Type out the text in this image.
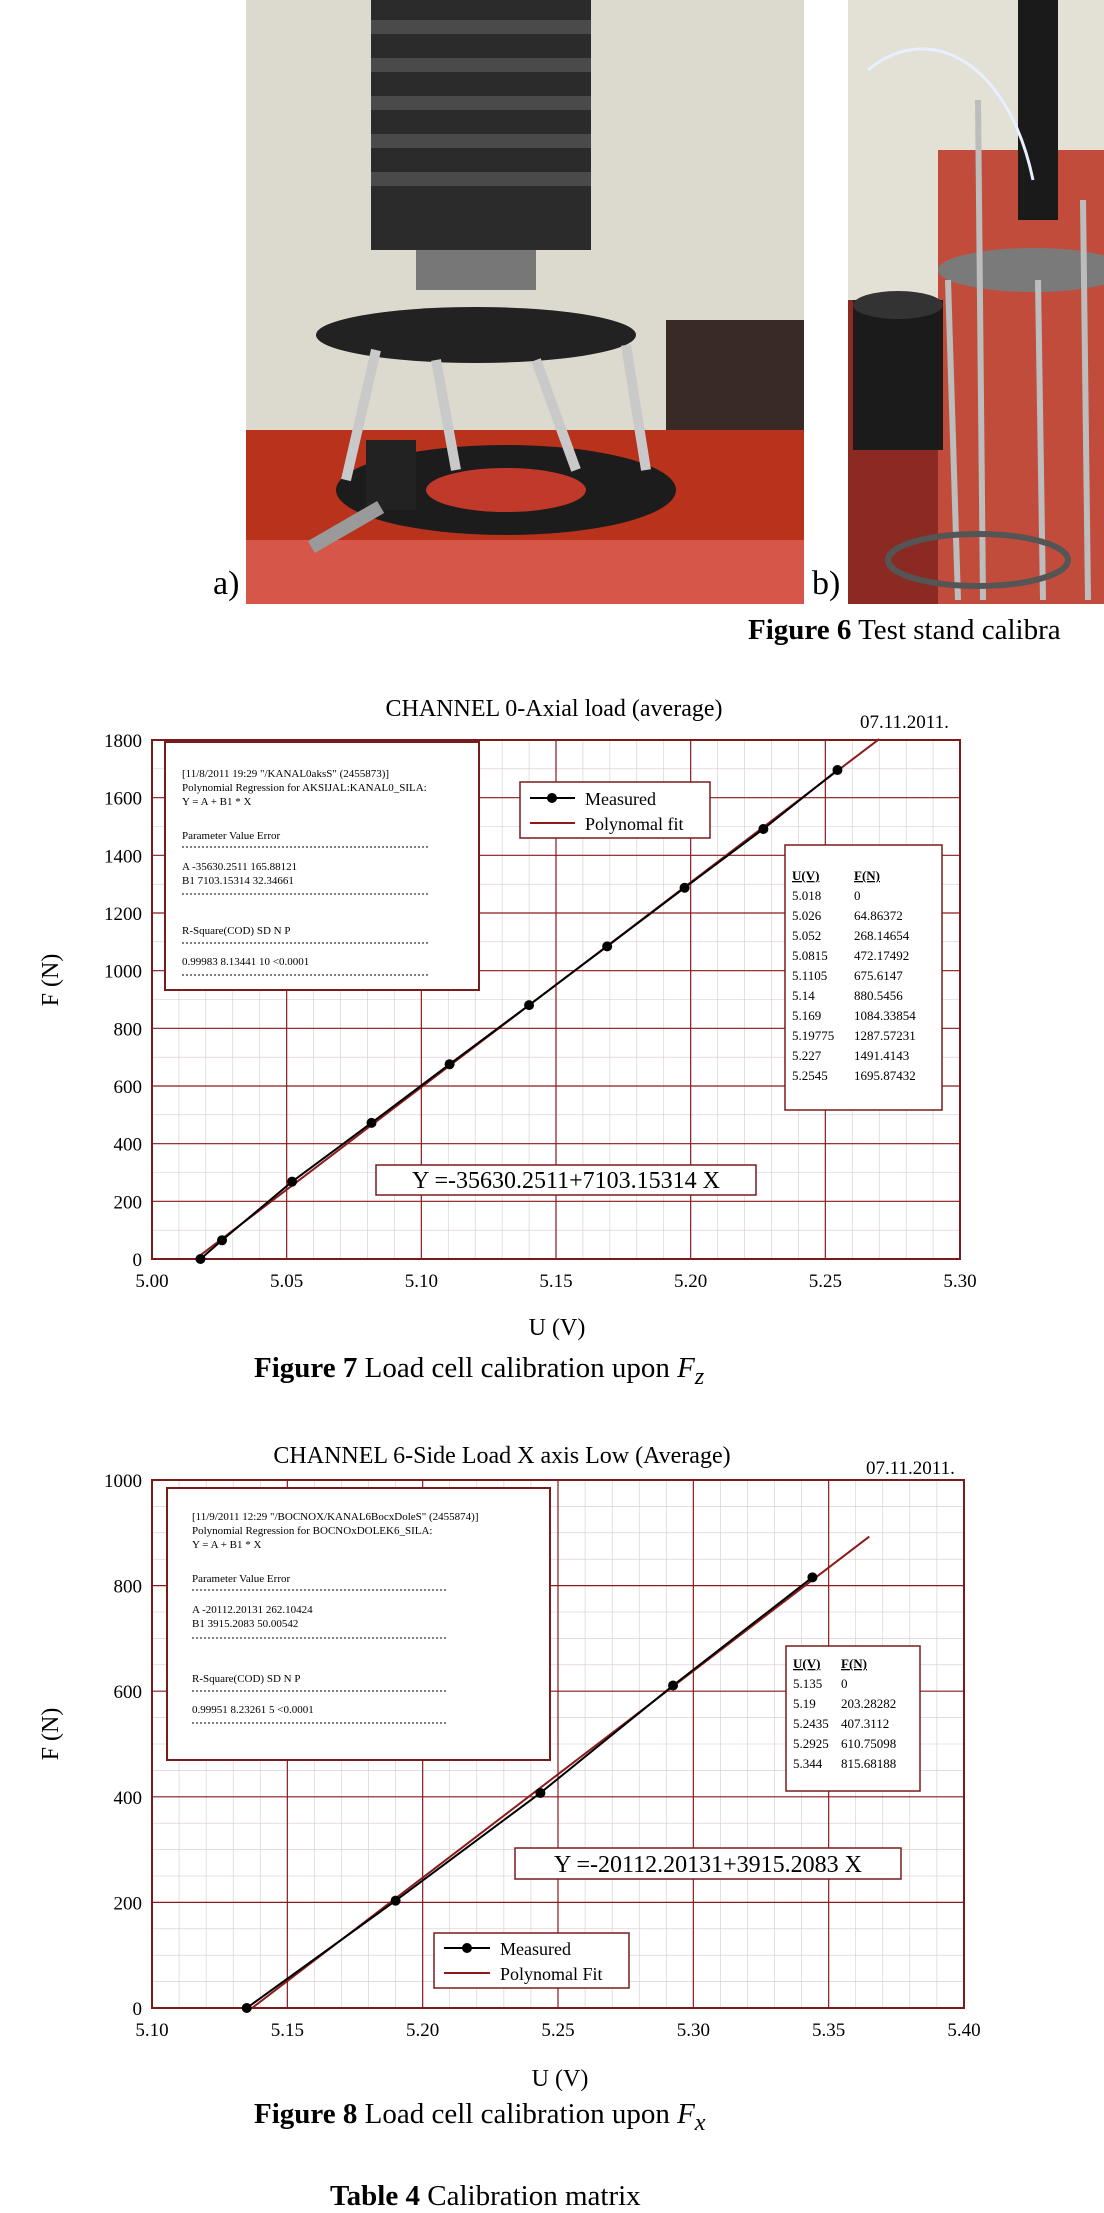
a)	b)
Figure 6 Test stand calibra
5.00	5.05	5.10	5.15	5.20	5.25	5.30
0
200
400
600
800
1000
1200
1400
1600
1800
CHANNEL 0-Axial load (average)
07.11.2011.
U (V)
F (N)
[11/8/2011 19:29 "/KANAL0aksS" (2455873)]
Polynomial Regression for AKSIJAL:KANAL0_SILA:
Y = A + B1 * X
Parameter Value Error
A -35630.2511 165.88121
B1 7103.15314 32.34661
R-Square(COD) SD N P
0.99983 8.13441 10 <0.0001
Measured
Polynomal fit
U(V)	F(N)
5.018	0
5.026	64.86372
5.052	268.14654
5.0815 472.17492
5.1105 675.6147
5.14	880.5456
5.169	1084.33854
5.19775 1287.57231
5.227	1491.4143
5.2545 1695.87432
Y =-35630.2511+7103.15314 X
Figure 7 Load cell calibration upon $F_z$
5.10	5.15	5.20	5.25	5.30	5.35	5.40
0
200
400
600
800
1000
CHANNEL 6-Side Load X axis Low (Average)	07.11.2011.
U (V)
F (N)
[11/9/2011 12:29 "/BOCNOX/KANAL6BocxDoleS" (2455874)]
Polynomial Regression for BOCNOxDOLEK6_SILA:
Y = A + B1 * X
Parameter Value Error
A -20112.20131 262.10424
B1 3915.2083 50.00542
R-Square(COD) SD N P
0.99951 8.23261 5 <0.0001
U(V) F(N)
5.135 0
5.19 203.28282
5.2435 407.3112
5.2925 610.75098
5.344 815.68188
Y =-20112.20131+3915.2083 X
Measured
Polynomal Fit
Figure 8 Load cell calibration upon $F_x$
Table 4 Calibration matrix
